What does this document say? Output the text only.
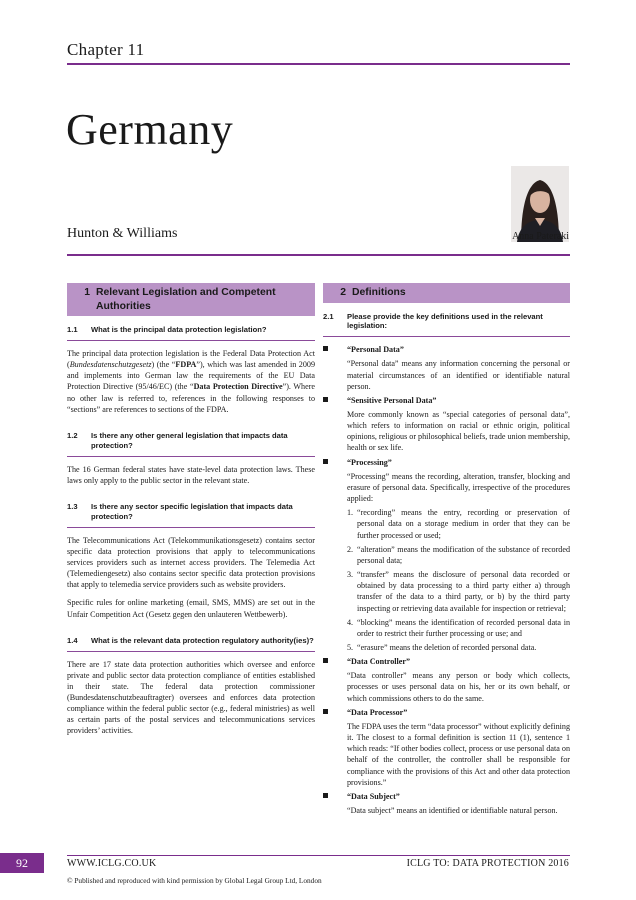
Chapter 11
Germany
Hunton & Williams	Anna Pateraki
1 Relevant Legislation and Competent Authorities
1.1	What is the principal data protection legislation?

The principal data protection legislation is the Federal Data Protection Act (Bundesdatenschutzgesetz) (the “FDPA”), which was last amended in 2009 and implements into German law the requirements of the EU Data Protection Directive (95/46/EC) (the “Data Protection Directive”). Where no other law is referred to, references in the following responses to “sections” are references to sections of the FDPA.

1.2	Is there any other general legislation that impacts data protection?

The 16 German federal states have state-level data protection laws. These laws only apply to the public sector in the relevant state.

1.3	Is there any sector specific legislation that impacts data protection?

The Telecommunications Act (Telekommunikationsgesetz) contains sector specific data protection provisions that apply to telecommunications services providers such as internet access providers. The Telemedia Act (Telemediengesetz) also contains sector specific data protection provisions that apply to telemedia service providers such as website providers.

Specific rules for online marketing (email, SMS, MMS) are set out in the Unfair Competition Act (Gesetz gegen den unlauteren Wettbewerb).

1.4	What is the relevant data protection regulatory authority(ies)?

There are 17 state data protection authorities which oversee and enforce private and public sector data protection compliance of entities established in their state. The federal data protection commissioner (Bundesdatenschutzbeauftragter) oversees and enforces data protection compliance within the federal public sector (e.g., federal ministries) as well as certain parts of the postal services and telecommunications services providers’ activities.

2 Definitions
2.1	Please provide the key definitions used in the relevant legislation:
“Personal Data”
“Personal data” means any information concerning the personal or material circumstances of an identified or identifiable natural person.
“Sensitive Personal Data”
More commonly known as “special categories of personal data”, which refers to information on racial or ethnic origin, political opinions, religious or philosophical beliefs, trade union membership, health or sex life.
“Processing”
“Processing” means the recording, alteration, transfer, blocking and erasure of personal data. Specifically, irrespective of the procedures applied:
1. “recording” means the entry, recording or preservation of personal data on a storage medium in order that they can be further processed or used;
2. “alteration” means the modification of the substance of recorded personal data;
3. “transfer” means the disclosure of personal data recorded or obtained by data processing to a third party either a) through transfer of the data to a third party, or b) by the third party inspecting or retrieving data available for inspection or retrieval;
4. “blocking” means the identification of recorded personal data in order to restrict their further processing or use; and
5. “erasure” means the deletion of recorded personal data.
“Data Controller”
“Data controller” means any person or body which collects, processes or uses personal data on his, her or its own behalf, or which commissions others to do the same.
“Data Processor”
The FDPA uses the term “data processor” without explicitly defining it. The closest to a formal definition is section 11 (1), sentence 1 which reads: “If other bodies collect, process or use personal data on behalf of the controller, the controller shall be responsible for compliance with the provisions of this Act and other data protection provisions.”
“Data Subject”
“Data subject” means an identified or identifiable natural person.
92	WWW.ICLG.CO.UK	ICLG TO: DATA PROTECTION 2016
© Published and reproduced with kind permission by Global Legal Group Ltd, London
